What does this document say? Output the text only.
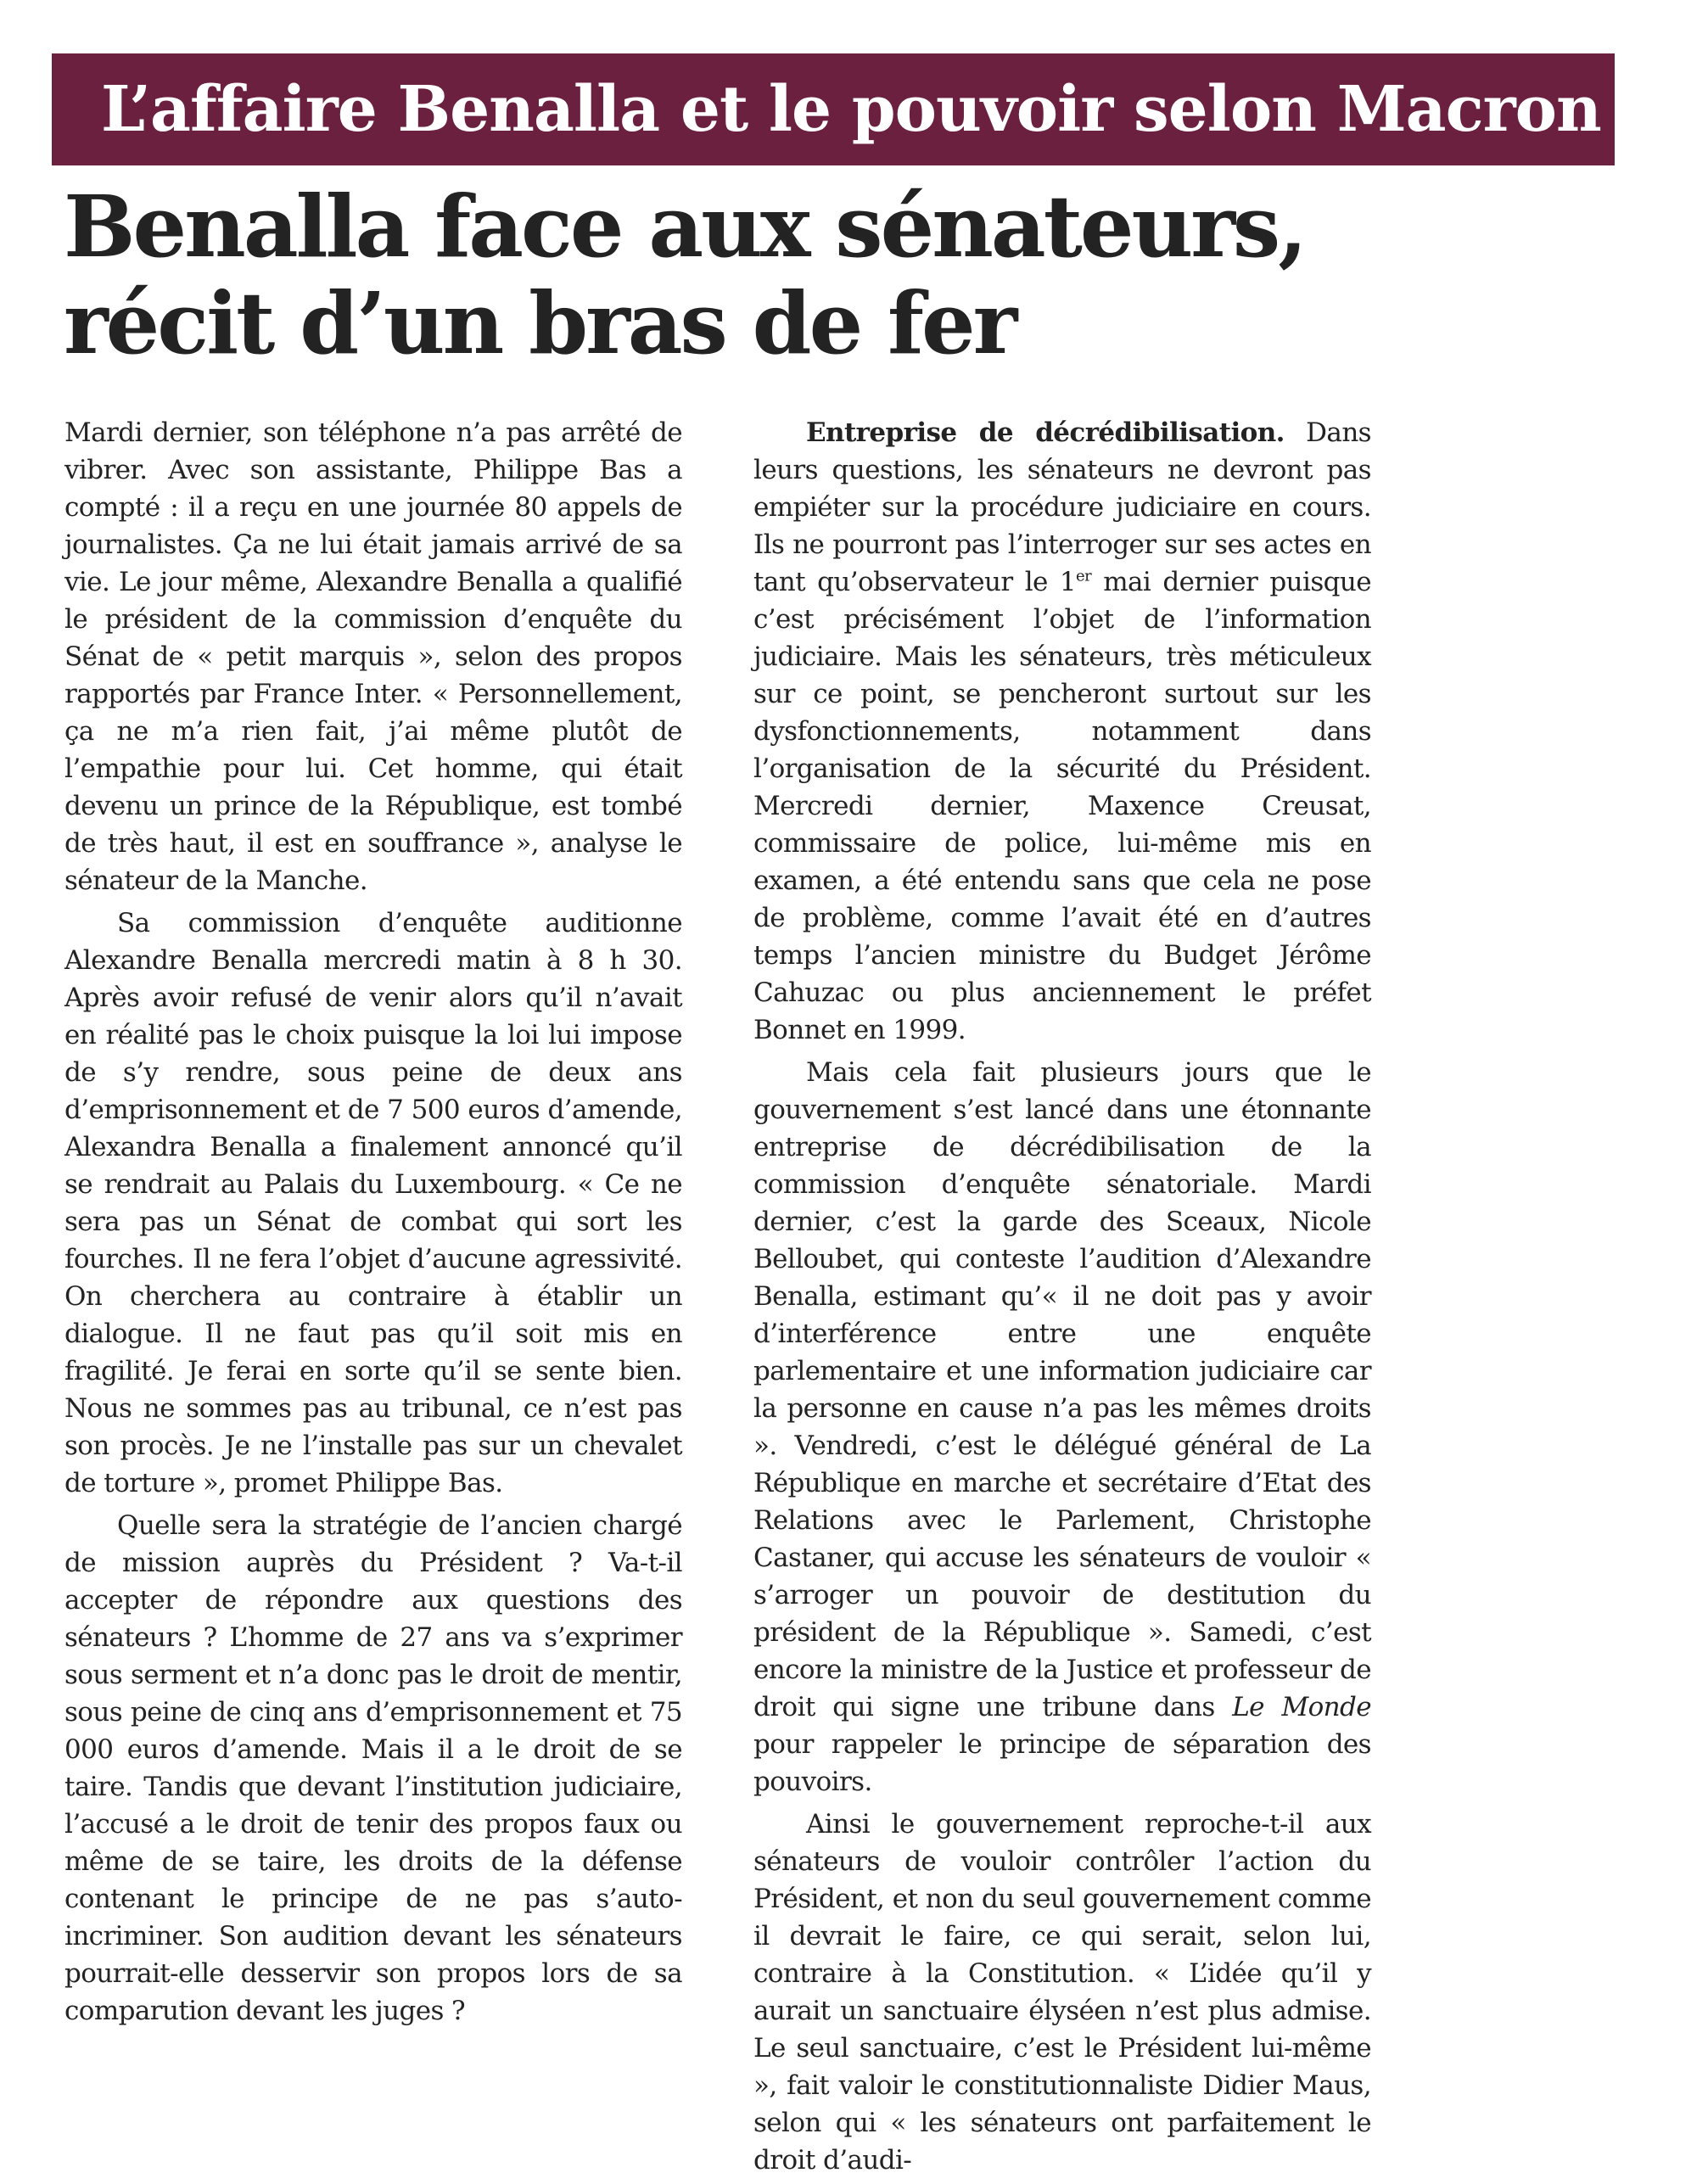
L’affaire Benalla et le pouvoir selon Macron
Benalla face aux sénateurs,
récit d’un bras de fer

Mardi dernier, son téléphone n’a pas arrêté de vibrer. Avec son assistante, Philippe Bas a compté : il a reçu en une journée 80 appels de journalistes. Ça ne lui était jamais arrivé de sa vie. Le jour même, Alexandre Benalla a qualifié le président de la commission d’enquête du Sénat de « petit marquis », selon des propos rapportés par France Inter. « Personnellement, ça ne m’a rien fait, j’ai même plutôt de l’empathie pour lui. Cet homme, qui était devenu un prince de la République, est tombé de très haut, il est en souffrance », analyse le sénateur de la Manche.

Sa commission d’enquête auditionne Alexandre Benalla mercredi matin à 8 h 30. Après avoir refusé de venir alors qu’il n’avait en réalité pas le choix puisque la loi lui impose de s’y rendre, sous peine de deux ans d’emprisonnement et de 7 500 euros d’amende, Alexandra Benalla a finalement annoncé qu’il se rendrait au Palais du Luxembourg. « Ce ne sera pas un Sénat de combat qui sort les fourches. Il ne fera l’objet d’aucune agressivité. On cherchera au contraire à établir un dialogue. Il ne faut pas qu’il soit mis en fragilité. Je ferai en sorte qu’il se sente bien. Nous ne sommes pas au tribunal, ce n’est pas son procès. Je ne l’installe pas sur un chevalet de torture », promet Philippe Bas.

Quelle sera la stratégie de l’ancien chargé de mission auprès du Président ? Va-t-il accepter de répondre aux questions des sénateurs ? L’homme de 27 ans va s’exprimer sous serment et n’a donc pas le droit de mentir, sous peine de cinq ans d’emprisonnement et 75 000 euros d’amende. Mais il a le droit de se taire. Tandis que devant l’institution judiciaire, l’accusé a le droit de tenir des propos faux ou même de se taire, les droits de la défense contenant le principe de ne pas s’auto-incriminer. Son audition devant les sénateurs pourrait-elle desservir son propos lors de sa comparution devant les juges ?

Entreprise de décrédibilisation. Dans leurs questions, les sénateurs ne devront pas empiéter sur la procédure judiciaire en cours. Ils ne pourront pas l’interroger sur ses actes en tant qu’observateur le 1er mai dernier puisque c’est précisément l’objet de l’information judiciaire. Mais les sénateurs, très méticuleux sur ce point, se pencheront surtout sur les dysfonctionnements, notamment dans l’organisation de la sécurité du Président. Mercredi dernier, Maxence Creusat, commissaire de police, lui-même mis en examen, a été entendu sans que cela ne pose de problème, comme l’avait été en d’autres temps l’ancien ministre du Budget Jérôme Cahuzac ou plus anciennement le préfet Bonnet en 1999.

Mais cela fait plusieurs jours que le gouvernement s’est lancé dans une étonnante entreprise de décrédibilisation de la commission d’enquête sénatoriale. Mardi dernier, c’est la garde des Sceaux, Nicole Belloubet, qui conteste l’audition d’Alexandre Benalla, estimant qu’« il ne doit pas y avoir d’interférence entre une enquête parlementaire et une information judiciaire car la personne en cause n’a pas les mêmes droits ». Vendredi, c’est le délégué général de La République en marche et secrétaire d’Etat des Relations avec le Parlement, Christophe Castaner, qui accuse les sénateurs de vouloir « s’arroger un pouvoir de destitution du président de la République ». Samedi, c’est encore la ministre de la Justice et professeur de droit qui signe une tribune dans Le Monde pour rappeler le principe de séparation des pouvoirs.

Ainsi le gouvernement reproche-t-il aux sénateurs de vouloir contrôler l’action du Président, et non du seul gouvernement comme il devrait le faire, ce qui serait, selon lui, contraire à la Constitution. « L’idée qu’il y aurait un sanctuaire élyséen n’est plus admise. Le seul sanctuaire, c’est le Président lui-même », fait valoir le constitutionnaliste Didier Maus, selon qui « les sénateurs ont parfaitement le droit d’audi-
